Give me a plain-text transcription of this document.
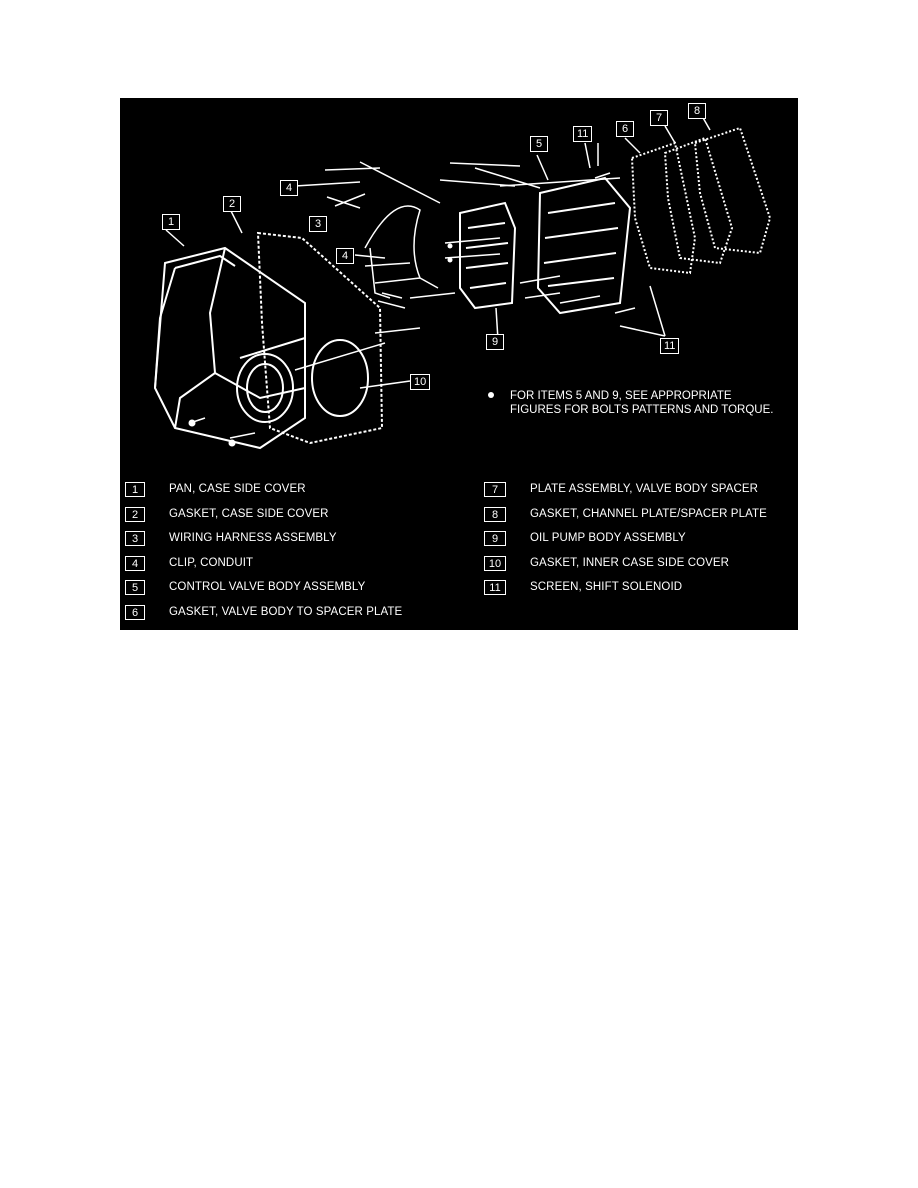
1
2
3
4
4
5
6
7
8
9
10
11
11
FOR ITEMS 5 AND 9, SEE APPROPRIATE
FIGURES FOR BOLTS PATTERNS AND TORQUE.
1	PAN, CASE SIDE COVER
2	GASKET, CASE SIDE COVER
3	WIRING HARNESS ASSEMBLY
4	CLIP, CONDUIT
5	CONTROL VALVE BODY ASSEMBLY
6	GASKET, VALVE BODY TO SPACER PLATE
7	PLATE ASSEMBLY, VALVE BODY SPACER
8	GASKET, CHANNEL PLATE/SPACER PLATE
9	OIL PUMP BODY ASSEMBLY
10	GASKET, INNER CASE SIDE COVER
11	SCREEN, SHIFT SOLENOID
